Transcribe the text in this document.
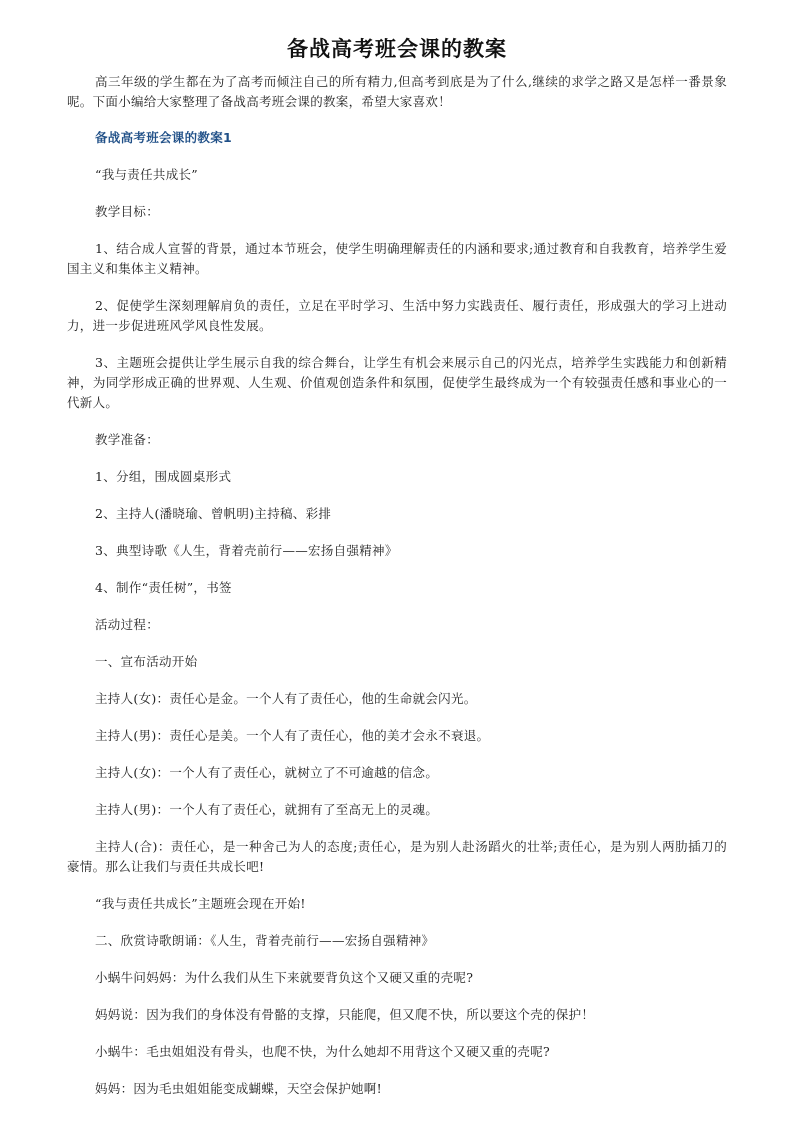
备战高考班会课的教案

高三年级的学生都在为了高考而倾注自己的所有精力,但高考到底是为了什么,继续的求学之路又是怎样一番景象呢。下面小编给大家整理了备战高考班会课的教案，希望大家喜欢！

备战高考班会课的教案1

“我与责任共成长”

教学目标：

1、结合成人宣誓的背景，通过本节班会，使学生明确理解责任的内涵和要求;通过教育和自我教育，培养学生爱国主义和集体主义精神。

2、促使学生深刻理解肩负的责任，立足在平时学习、生活中努力实践责任、履行责任，形成强大的学习上进动力，进一步促进班风学风良性发展。

3、主题班会提供让学生展示自我的综合舞台，让学生有机会来展示自己的闪光点，培养学生实践能力和创新精神，为同学形成正确的世界观、人生观、价值观创造条件和氛围，促使学生最终成为一个有较强责任感和事业心的一代新人。

教学准备：

1、分组，围成圆桌形式

2、主持人(潘晓瑜、曾帆明)主持稿、彩排

3、典型诗歌《人生，背着壳前行——宏扬自强精神》

4、制作“责任树”，书签

活动过程：

一、宣布活动开始

主持人(女)：责任心是金。一个人有了责任心，他的生命就会闪光。

主持人(男)：责任心是美。一个人有了责任心，他的美才会永不衰退。

主持人(女)：一个人有了责任心，就树立了不可逾越的信念。

主持人(男)：一个人有了责任心，就拥有了至高无上的灵魂。

主持人(合)：责任心，是一种舍己为人的态度;责任心，是为别人赴汤蹈火的壮举;责任心，是为别人两肋插刀的豪情。那么让我们与责任共成长吧!

“我与责任共成长”主题班会现在开始!

二、欣赏诗歌朗诵：《人生，背着壳前行——宏扬自强精神》

小蜗牛问妈妈：为什么我们从生下来就要背负这个又硬又重的壳呢?

妈妈说：因为我们的身体没有骨骼的支撑，只能爬，但又爬不快，所以要这个壳的保护！

小蜗牛：毛虫姐姐没有骨头，也爬不快，为什么她却不用背这个又硬又重的壳呢?

妈妈：因为毛虫姐姐能变成蝴蝶，天空会保护她啊!
